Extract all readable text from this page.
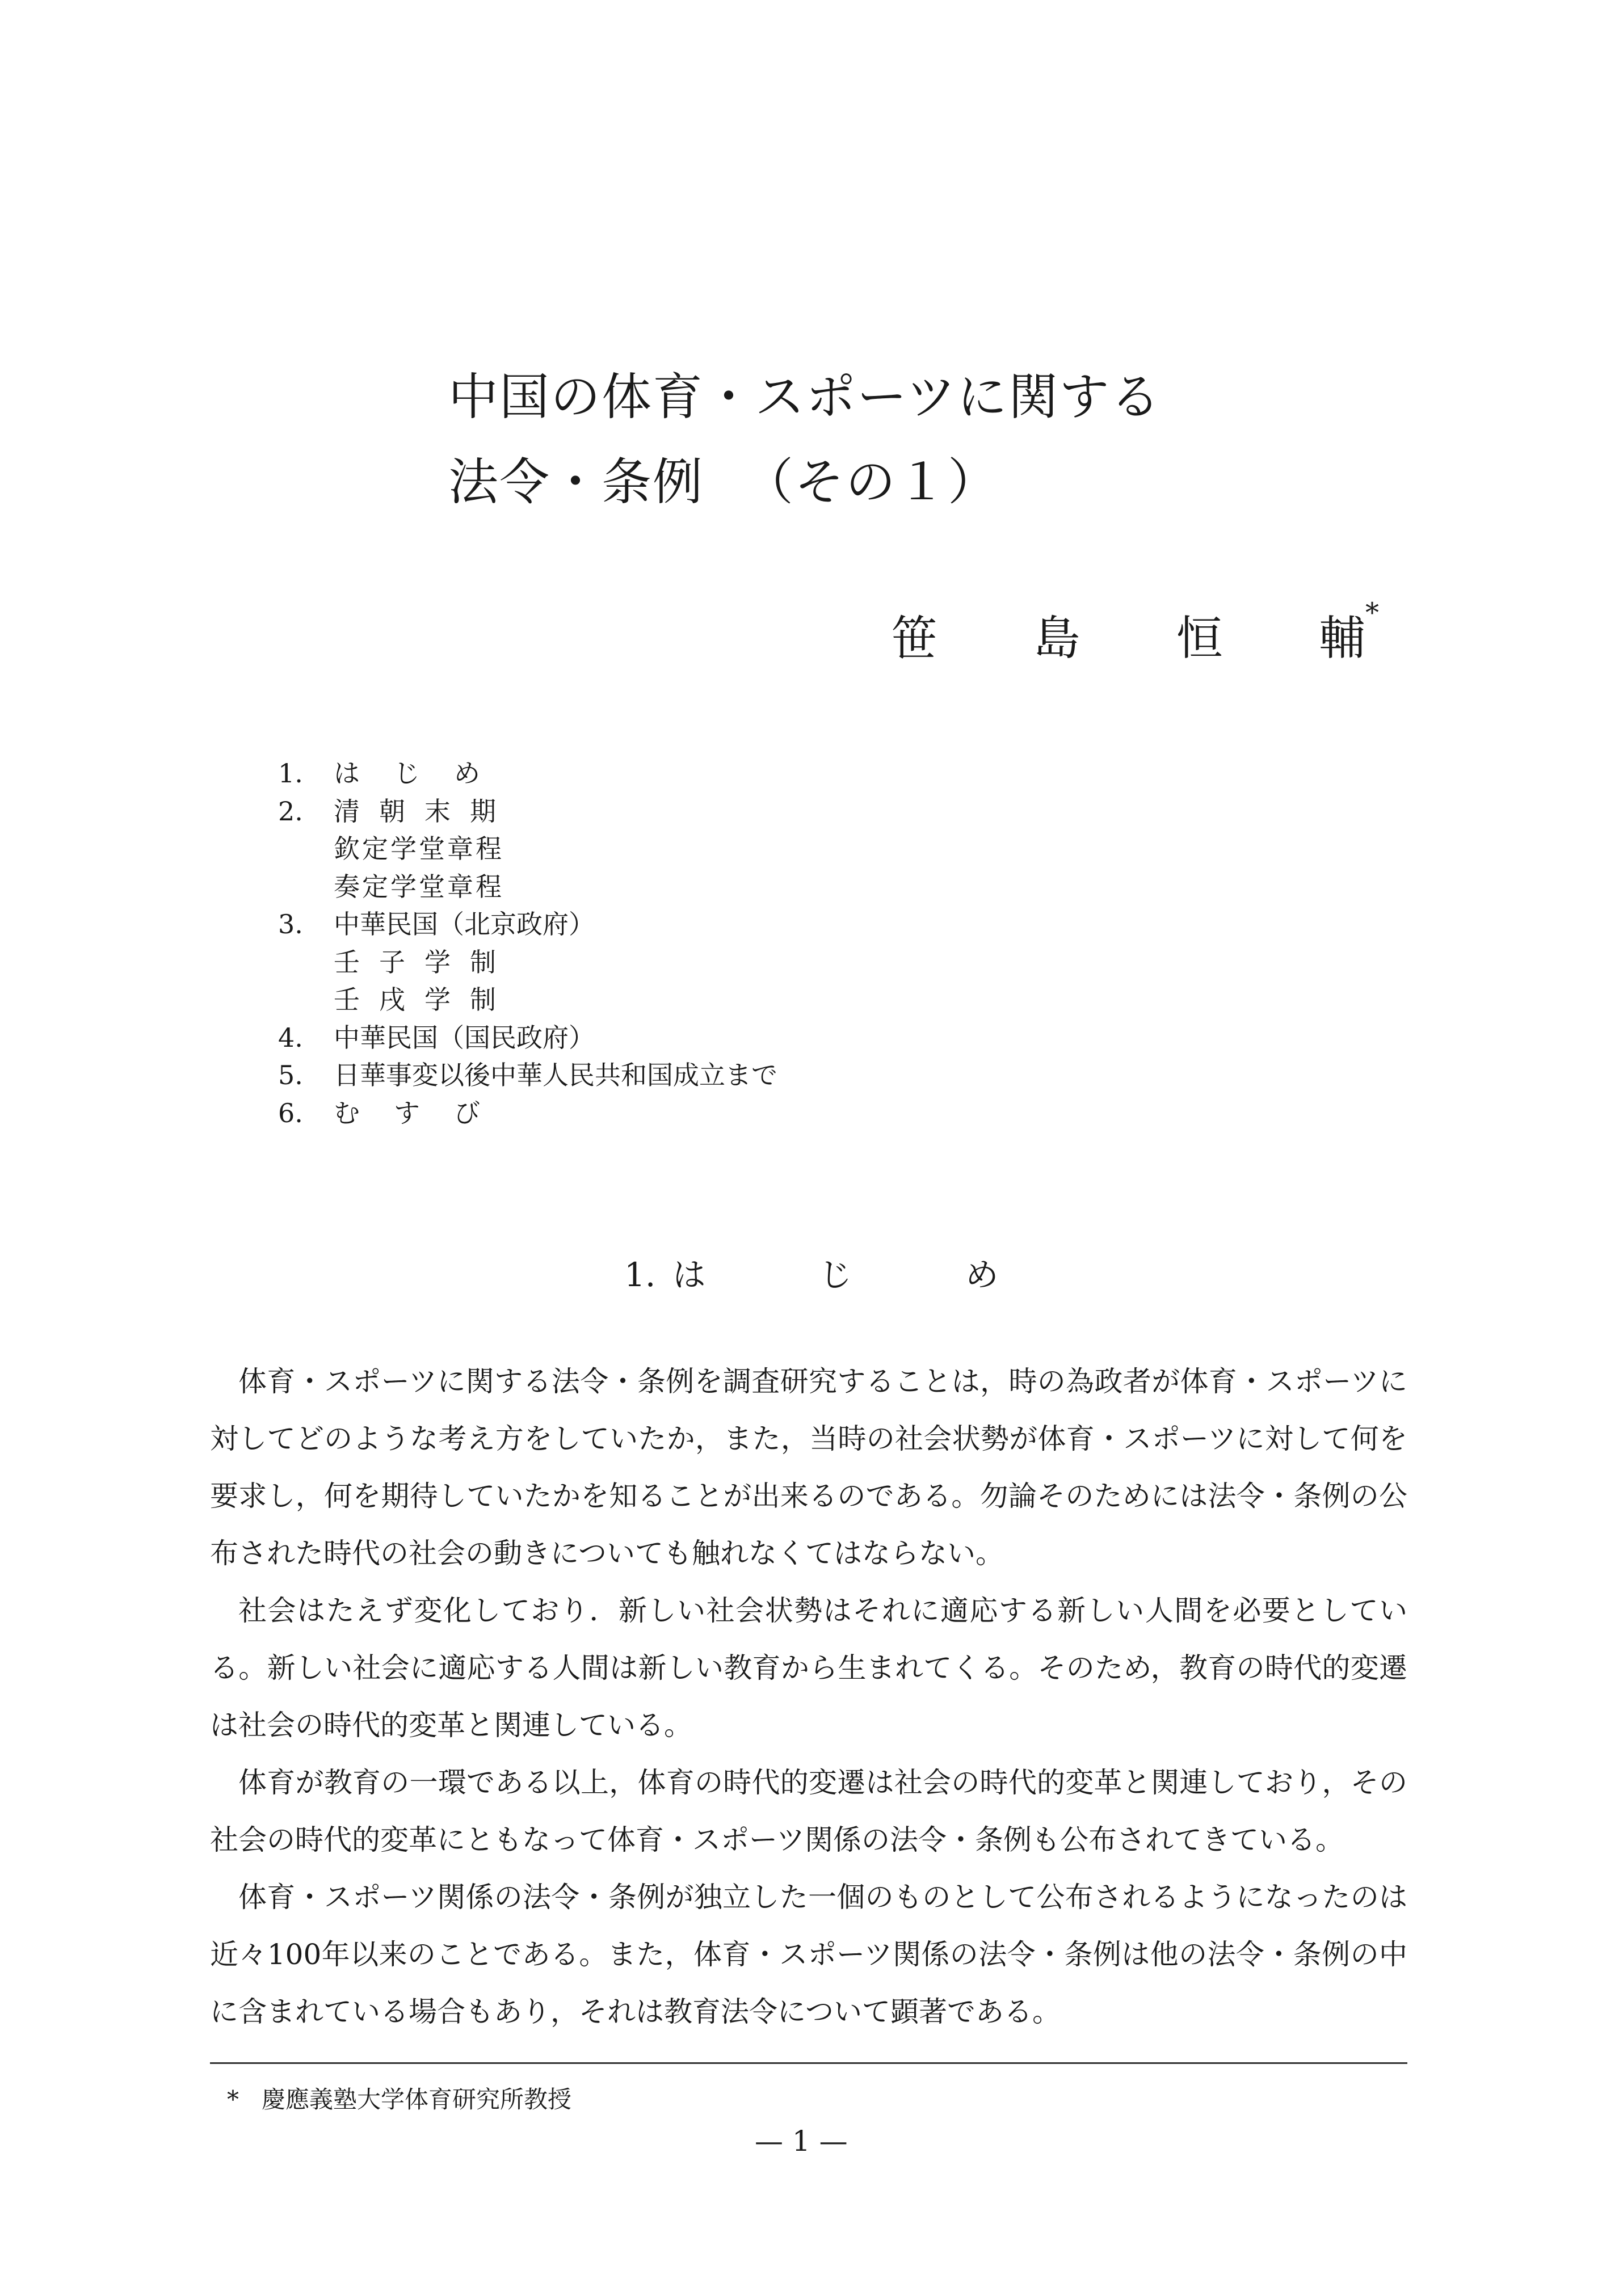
中国の体育・スポーツに関する
法令・条例 （その１）
笹 島 恒 輔*
1.	はじめ
2.	清朝末期
欽定学堂章程
奏定学堂章程
3.	中華民国（北京政府）
壬子学制
壬戌学制
4.	中華民国（国民政府）
5.	日華事変以後中華人民共和国成立まで
6.	むすび
1. はじめ

体育・スポーツに関する法令・条例を調査研究することは，時の為政者が体育・スポーツに対してどのような考え方をしていたか，また，当時の社会状勢が体育・スポーツに対して何を要求し，何を期待していたかを知ることが出来るのである。勿論そのためには法令・条例の公布された時代の社会の動きについても触れなくてはならない。

社会はたえず変化しており．新しい社会状勢はそれに適応する新しい人間を必要としている。新しい社会に適応する人間は新しい教育から生まれてくる。そのため，教育の時代的変遷は社会の時代的変革と関連している。

体育が教育の一環である以上，体育の時代的変遷は社会の時代的変革と関連しており，その社会の時代的変革にともなって体育・スポーツ関係の法令・条例も公布されてきている。

体育・スポーツ関係の法令・条例が独立した一個のものとして公布されるようになったのは近々100年以来のことである。また，体育・スポーツ関係の法令・条例は他の法令・条例の中に含まれている場合もあり，それは教育法令について顕著である。

* 慶應義塾大学体育研究所教授
— 1 —
